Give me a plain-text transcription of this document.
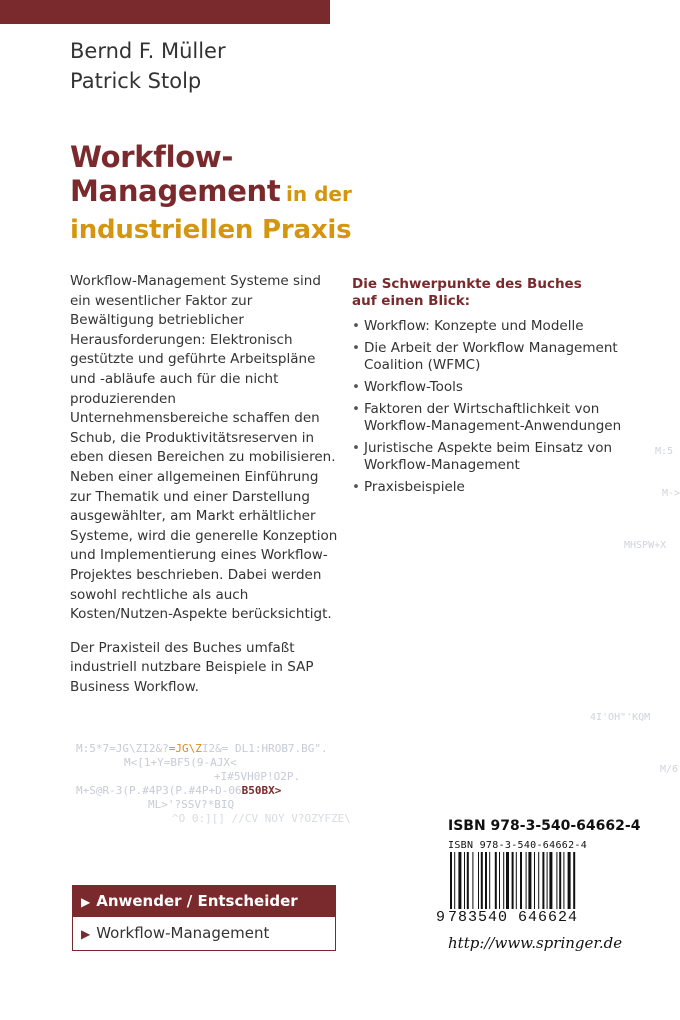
Bernd F. Müller
Patrick Stolp
Workflow-
Management in der
industriellen Praxis

Workflow-Management Systeme sind ein wesentlicher Faktor zur Bewältigung betrieblicher Herausforderungen: Elektronisch gestützte und geführte Arbeitspläne und -abläufe auch für die nicht produzierenden Unternehmensbereiche schaffen den Schub, die Produktivitätsreserven in eben diesen Bereichen zu mobilisieren. Neben einer allgemeinen Einführung zur Thematik und einer Darstellung ausgewählter, am Markt erhältlicher Systeme, wird die generelle Konzeption und Implementierung eines Workflow-Projektes beschrieben. Dabei werden sowohl rechtliche als auch Kosten/Nutzen-Aspekte berücksichtigt.

Der Praxisteil des Buches umfaßt industriell nutzbare Beispiele in SAP Business Workflow.

Die Schwerpunkte des Buches
auf einen Blick:
• Workflow: Konzepte und Modelle
• Die Arbeit der Workflow Management Coalition (WFMC)
• Workflow-Tools
• Faktoren der Wirtschaftlichkeit von Workflow-Management-Anwendungen
• Juristische Aspekte beim Einsatz von Workflow-Management
• Praxisbeispiele
M:5*7=JG\ZI2&?=JG\ZI2&= DL1:HROB7.BG".
M<[1+Y=BF5(9-AJX<
+I#5VH0P!O2P.
M+S@R-3(P.#4P3(P.#4P+D-06B50BX>
ML>'?SSV?*BIQ
^O 0:][] //CV NOY V?OZYFZE\
M:5
M->
MHSPW+X
4I'OH"'KQM
M/6
▶ Anwender / Entscheider
▶ Workflow-Management
ISBN 978-3-540-64662-4
ISBN 978-3-540-64662-4
9 783540 646624
http://www.springer.de
